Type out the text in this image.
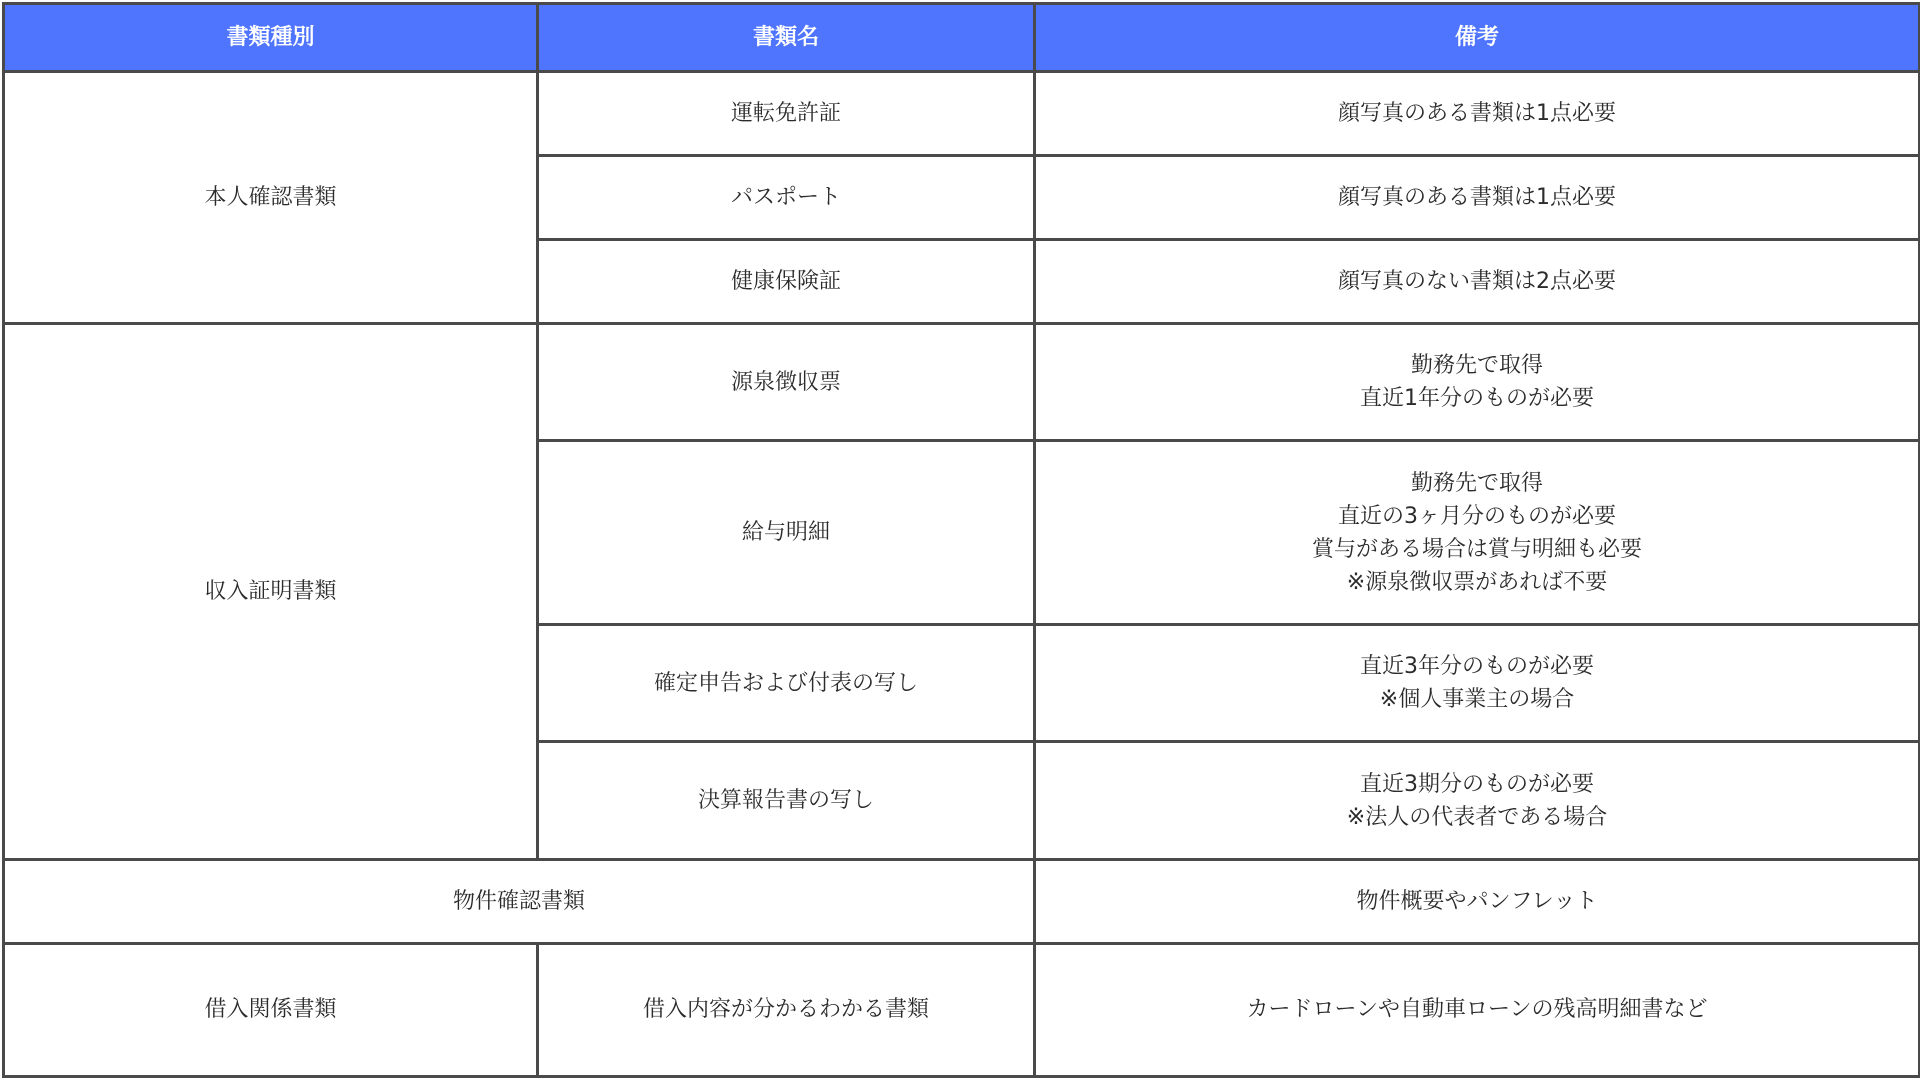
書類種別	書類名	備考
本人確認書類	運転免許証	顔写真のある書類は1点必要

	パスポート	顔写真のある書類は1点必要

	健康保険証	顔写真のない書類は2点必要

収入証明書類	源泉徴収票	勤務先で取得
直近1年分のものが必要

	給与明細	勤務先で取得
直近の3ヶ月分のものが必要
賞与がある場合は賞与明細も必要
※源泉徴収票があれば不要

	確定申告および付表の写し	直近3年分のものが必要
※個人事業主の場合

	決算報告書の写し	直近3期分のものが必要
※法人の代表者である場合

物件確認書類		物件概要やパンフレット

借入関係書類	借入内容が分かるわかる書類	カードローンや自動車ローンの残高明細書など
